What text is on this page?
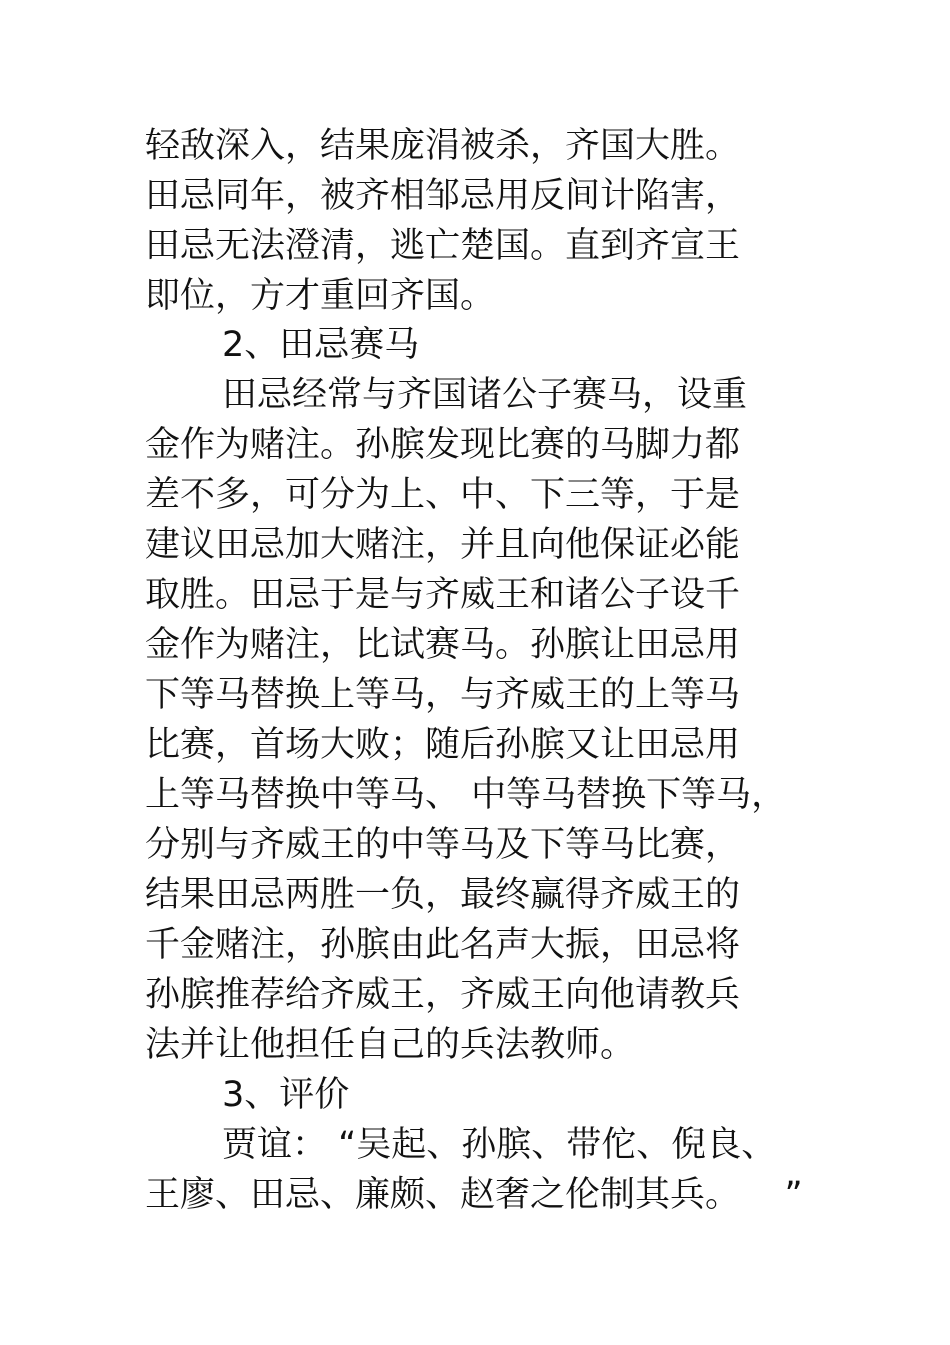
轻敌深入，结果庞涓被杀，齐国大胜。
田忌同年，被齐相邹忌用反间计陷害，
田忌无法澄清，逃亡楚国。直到齐宣王
即位，方才重回齐国。
2、田忌赛马
田忌经常与齐国诸公子赛马，设重
金作为赌注。孙膑发现比赛的马脚力都
差不多，可分为上、中、下三等，于是
建议田忌加大赌注，并且向他保证必能
取胜。田忌于是与齐威王和诸公子设千
金作为赌注，比试赛马。孙膑让田忌用
下等马替换上等马，与齐威王的上等马
比赛，首场大败；随后孙膑又让田忌用
上等马替换中等马、 中等马替换下等马，
分别与齐威王的中等马及下等马比赛，
结果田忌两胜一负，最终赢得齐威王的
千金赌注，孙膑由此名声大振，田忌将
孙膑推荐给齐威王，齐威王向他请教兵
法并让他担任自己的兵法教师。
3、评价
贾谊： “吴起、孙膑、带佗、倪良、
王廖、田忌、廉颇、赵奢之伦制其兵。    ”
